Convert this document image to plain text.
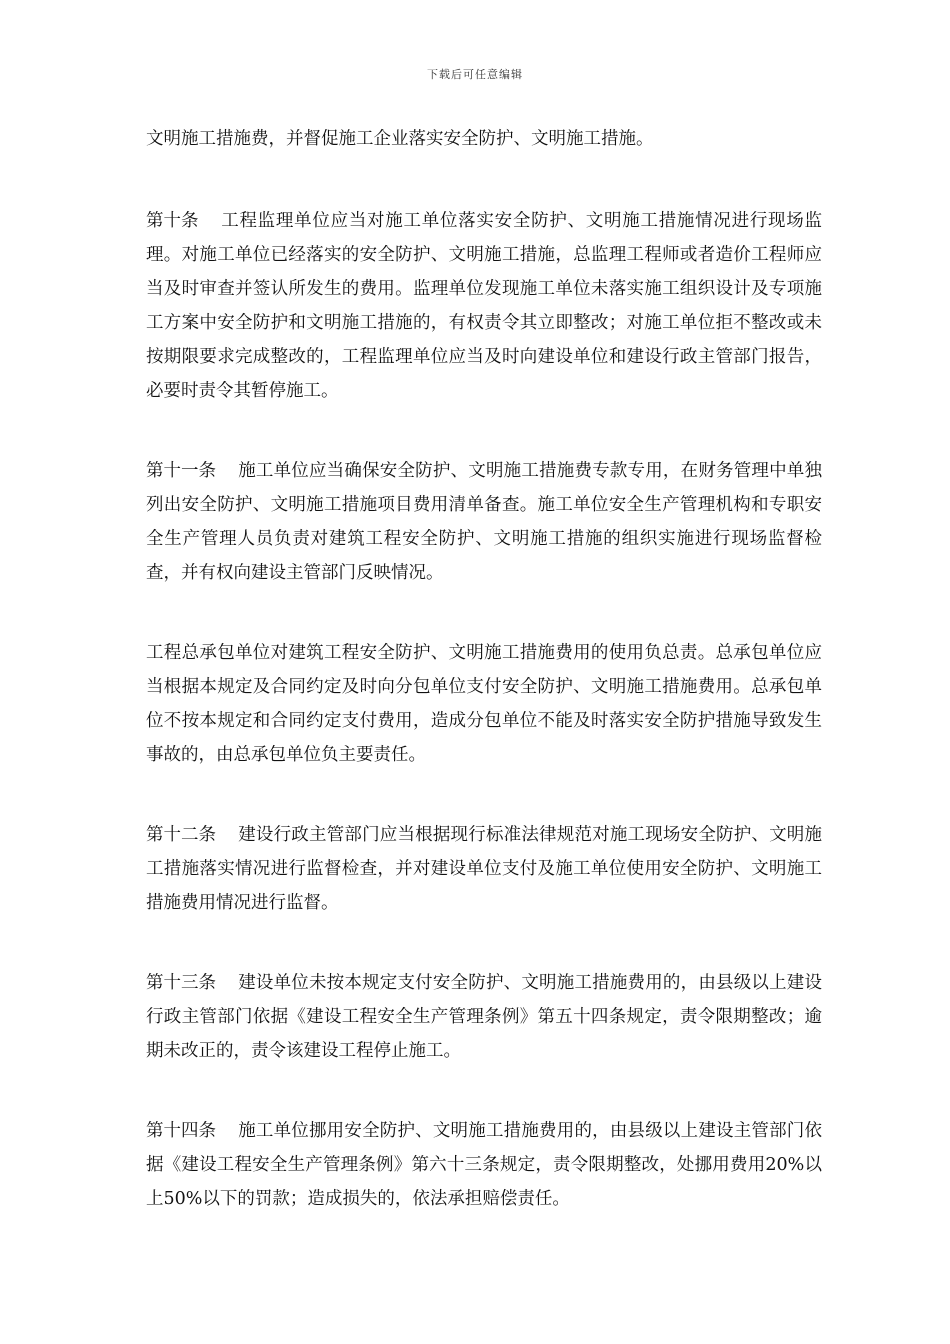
下载后可任意编辑

文明施工措施费，并督促施工企业落实安全防护、文明施工措施。

第十条 工程监理单位应当对施工单位落实安全防护、文明施工措施情况进行现场监理。对施工单位已经落实的安全防护、文明施工措施，总监理工程师或者造价工程师应当及时审查并签认所发生的费用。监理单位发现施工单位未落实施工组织设计及专项施工方案中安全防护和文明施工措施的，有权责令其立即整改；对施工单位拒不整改或未按期限要求完成整改的，工程监理单位应当及时向建设单位和建设行政主管部门报告，必要时责令其暂停施工。

第十一条 施工单位应当确保安全防护、文明施工措施费专款专用，在财务管理中单独列出安全防护、文明施工措施项目费用清单备查。施工单位安全生产管理机构和专职安全生产管理人员负责对建筑工程安全防护、文明施工措施的组织实施进行现场监督检查，并有权向建设主管部门反映情况。

工程总承包单位对建筑工程安全防护、文明施工措施费用的使用负总责。总承包单位应当根据本规定及合同约定及时向分包单位支付安全防护、文明施工措施费用。总承包单位不按本规定和合同约定支付费用，造成分包单位不能及时落实安全防护措施导致发生事故的，由总承包单位负主要责任。

第十二条 建设行政主管部门应当根据现行标准法律规范对施工现场安全防护、文明施工措施落实情况进行监督检查，并对建设单位支付及施工单位使用安全防护、文明施工措施费用情况进行监督。

第十三条 建设单位未按本规定支付安全防护、文明施工措施费用的，由县级以上建设行政主管部门依据《建设工程安全生产管理条例》第五十四条规定，责令限期整改；逾期未改正的，责令该建设工程停止施工。

第十四条 施工单位挪用安全防护、文明施工措施费用的，由县级以上建设主管部门依据《建设工程安全生产管理条例》第六十三条规定，责令限期整改，处挪用费用20%以上50%以下的罚款；造成损失的，依法承担赔偿责任。
